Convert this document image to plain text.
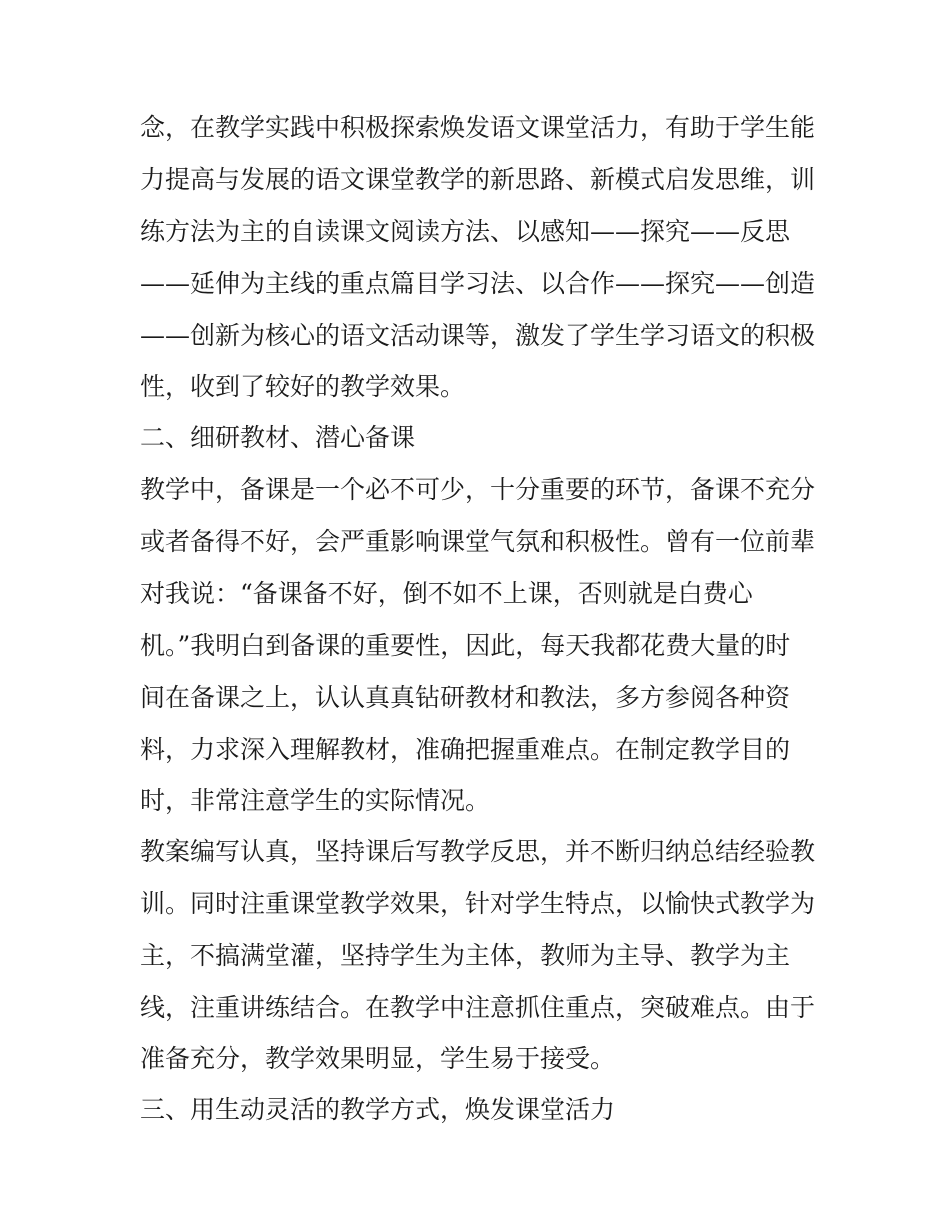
念，在教学实践中积极探索焕发语文课堂活力，有助于学生能
力提高与发展的语文课堂教学的新思路、新模式启发思维，训
练方法为主的自读课文阅读方法、以感知——探究——反思
——延伸为主线的重点篇目学习法、以合作——探究——创造
——创新为核心的语文活动课等，激发了学生学习语文的积极
性，收到了较好的教学效果。
二、细研教材、潜心备课
教学中，备课是一个必不可少，十分重要的环节，备课不充分
或者备得不好，会严重影响课堂气氛和积极性。曾有一位前辈
对我说：“备课备不好，倒不如不上课，否则就是白费心
机。”我明白到备课的重要性，因此，每天我都花费大量的时
间在备课之上，认认真真钻研教材和教法，多方参阅各种资
料，力求深入理解教材，准确把握重难点。在制定教学目的
时，非常注意学生的实际情况。
教案编写认真，坚持课后写教学反思，并不断归纳总结经验教
训。同时注重课堂教学效果，针对学生特点，以愉快式教学为
主，不搞满堂灌，坚持学生为主体，教师为主导、教学为主
线，注重讲练结合。在教学中注意抓住重点，突破难点。由于
准备充分，教学效果明显，学生易于接受。
三、用生动灵活的教学方式，焕发课堂活力
